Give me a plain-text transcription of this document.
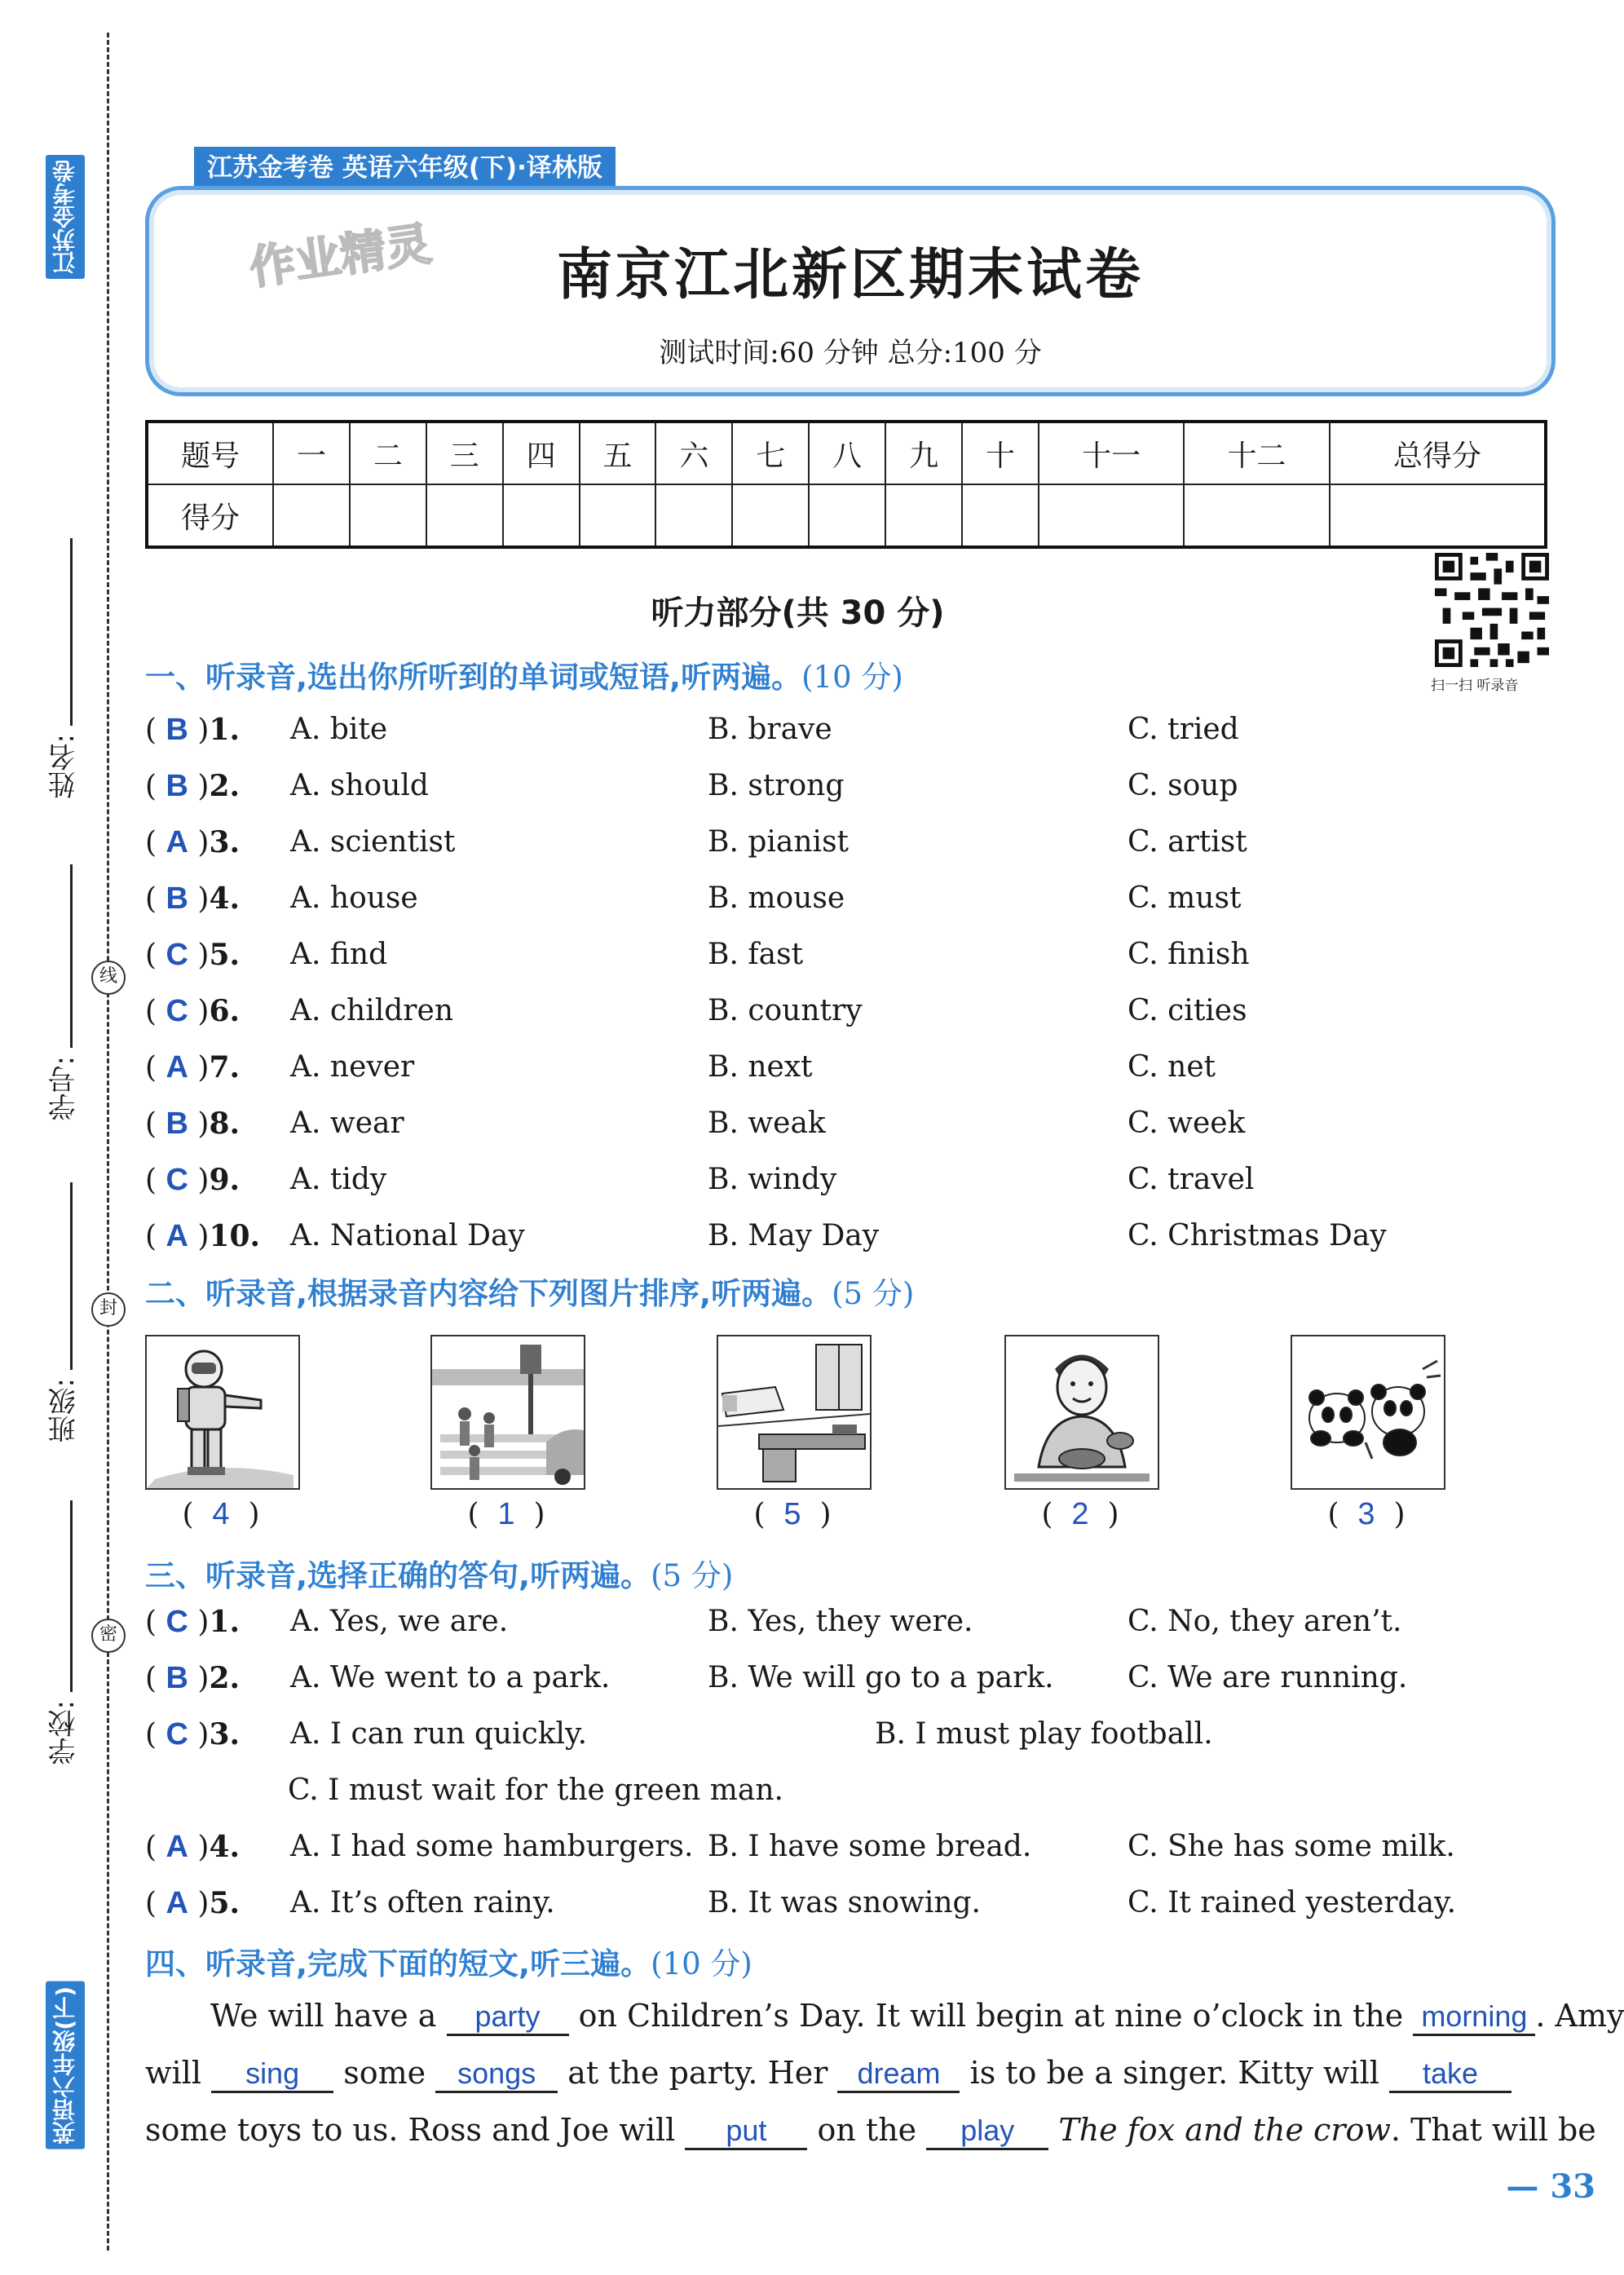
江苏金考卷
英语六年级(下)
姓名:
学号:
班级:
学校:
线
封
密
江苏金考卷 英语六年级(下)·译林版
南京江北新区期末试卷
测试时间:60 分钟 总分:100 分
作业精灵
题号	一	二	三	四	五	六	七	八	九	十	十一	十二	总得分
得分													
扫一扫 听录音
听力部分(共 30 分)
一、听录音,选出你所听到的单词或短语,听两遍。(10 分)
( B )1. A. bite	B. brave	C. tried
( B )2. A. should	B. strong	C. soup
( A )3. A. scientist	B. pianist	C. artist
( B )4. A. house	B. mouse	C. must
( C )5. A. find	B. fast	C. finish
( C )6. A. children	B. country	C. cities
( A )7. A. never	B. next	C. net
( B )8. A. wear	B. weak	C. week
( C )9. A. tidy	B. windy	C. travel
( A )10. A. National Day	B. May Day	C. Christmas Day
二、听录音,根据录音内容给下列图片排序,听两遍。(5 分)
(  4  )	(  1  )	(  5  )	(  2  )	(  3  )
三、听录音,选择正确的答句,听两遍。(5 分)
( C )1. A. Yes, we are.	B. Yes, they were.	C. No, they aren’t.
( B )2. A. We went to a park.	B. We will go to a park.	C. We are running.
( C )3. A. I can run quickly.	B. I must play football.
C. I must wait for the green man.
( A )4. A. I had some hamburgers. B. I have some bread.	C. She has some milk.
( A )5. A. It’s often rainy.	B. It was snowing.	C. It rained yesterday.
四、听录音,完成下面的短文,听三遍。(10 分)
We will have a party on Children’s Day. It will begin at nine o’clock in the morning . Amy
will sing some songs at the party. Her dream is to be a singer. Kitty will take
some toys to us. Ross and Joe will put on the play The fox and the crow. That will be
— 33
